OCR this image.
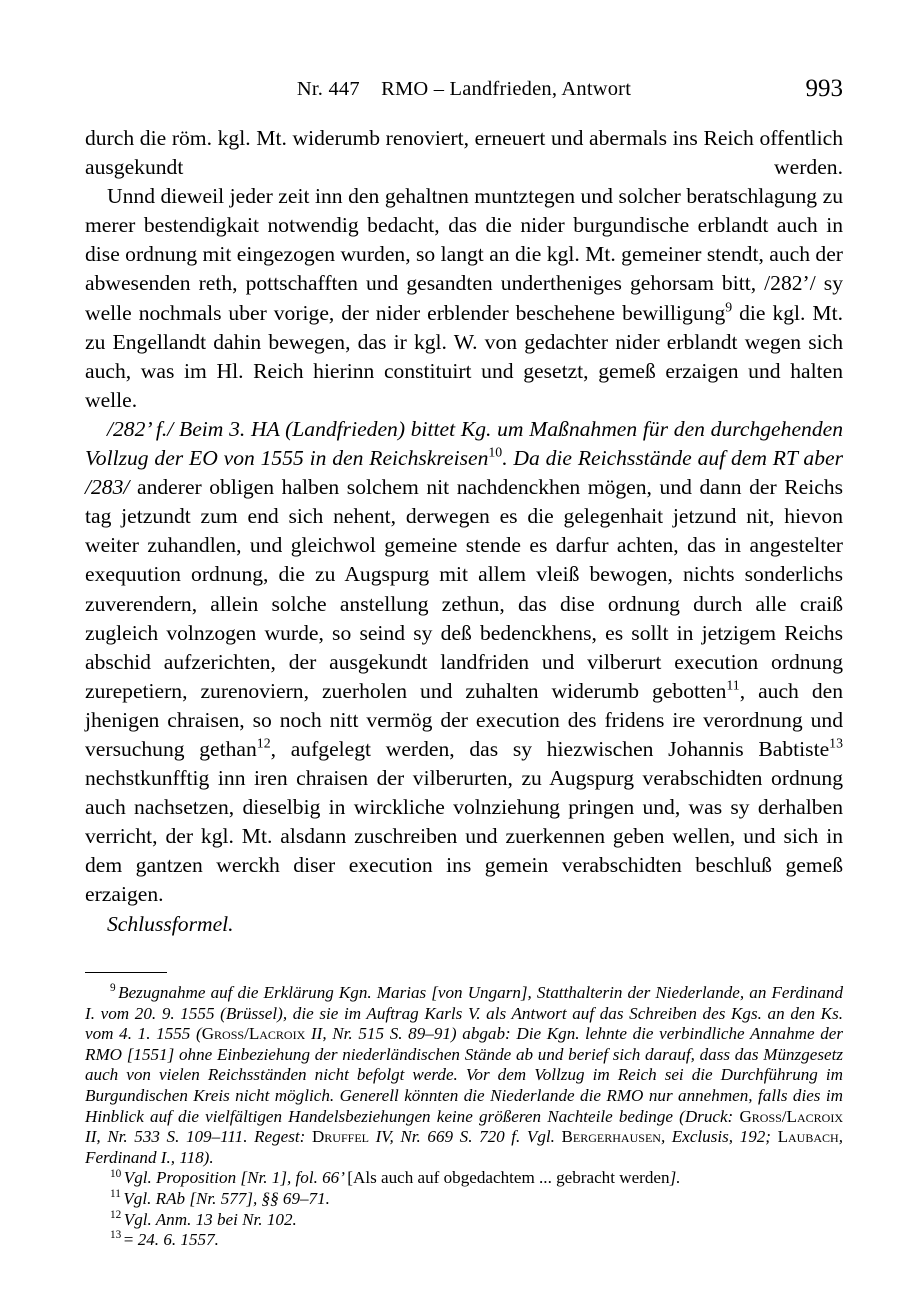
Nr. 447    RMO – Landfrieden, Antwort	993

durch die röm. kgl. Mt. widerumb renoviert, erneuert und abermals ins Reich offentlich ausgekundt werden.

Unnd dieweil jeder zeit inn den gehaltnen muntztegen und solcher beratschlagung zu merer bestendigkait notwendig bedacht, das die nider burgundische erblandt auch in dise ordnung mit eingezogen wurden, so langt an die kgl. Mt. gemeiner stendt, auch der abwesenden reth, pottschafften und gesandten undertheniges gehorsam bitt, /282’/ sy welle nochmals uber vorige, der nider erblender beschehene bewilligung$^9$ die kgl. Mt. zu Engellandt dahin bewegen, das ir kgl. W. von gedachter nider erblandt wegen sich auch, was im Hl. Reich hierinn constituirt und gesetzt, gemeß erzaigen und halten welle.

/282’ f./ Beim 3. HA (Landfrieden) bittet Kg. um Maßnahmen für den durchgehenden Vollzug der EO von 1555 in den Reichskreisen$^{10}$. Da die Reichsstände auf dem RT aber /283/ anderer obligen halben solchem nit nachdenckhen mögen, und dann der Reichs tag jetzundt zum end sich nehent, derwegen es die gelegenhait jetzund nit, hievon weiter zuhandlen, und gleichwol gemeine stende es darfur achten, das in angestelter exequution ordnung, die zu Augspurg mit allem vleiß bewogen, nichts sonderlichs zuverendern, allein solche anstellung zethun, das dise ordnung durch alle craiß zugleich volnzogen wurde, so seind sy deß bedenckhens, es sollt in jetzigem Reichs abschid aufzerichten, der ausgekundt landfriden und vilberurt execution ordnung zurepetiern, zurenoviern, zuerholen und zuhalten widerumb gebotten$^{11}$, auch den jhenigen chraisen, so noch nitt vermög der execution des fridens ire verordnung und versuchung gethan$^{12}$, aufgelegt werden, das sy hiezwischen Johannis Babtiste$^{13}$ nechstkunfftig inn iren chraisen der vilberurten, zu Augspurg verabschidten ordnung auch nachsetzen, dieselbig in wirckliche volnziehung pringen und, was sy derhalben verricht, der kgl. Mt. alsdann zuschreiben und zuerkennen geben wellen, und sich in dem gantzen werckh diser execution ins gemein verabschidten beschluß gemeß erzaigen.

Schlussformel.

$^9$ Bezugnahme auf die Erklärung Kgn. Marias [von Ungarn], Statthalterin der Niederlande, an Ferdinand I. vom 20. 9. 1555 (Brüssel), die sie im Auftrag Karls V. als Antwort auf das Schreiben des Kgs. an den Ks. vom 4. 1. 1555 (Gross/Lacroix II, Nr. 515 S. 89–91) abgab: Die Kgn. lehnte die verbindliche Annahme der RMO [1551] ohne Einbeziehung der niederländischen Stände ab und berief sich darauf, dass das Münzgesetz auch von vielen Reichsständen nicht befolgt werde. Vor dem Vollzug im Reich sei die Durchführung im Burgundischen Kreis nicht möglich. Generell könnten die Niederlande die RMO nur annehmen, falls dies im Hinblick auf die vielfältigen Handelsbeziehungen keine größeren Nachteile bedinge (Druck: Gross/Lacroix II, Nr. 533 S. 109–111. Regest: Druffel IV, Nr. 669 S. 720 f. Vgl. Bergerhausen, Exclusis, 192; Laubach, Ferdinand I., 118).

$^{10}$ Vgl. Proposition [Nr. 1], fol. 66’ [Als auch auf obgedachtem ... gebracht werden].

$^{11}$ Vgl. RAb [Nr. 577], §§ 69–71.

$^{12}$ Vgl. Anm. 13 bei Nr. 102.

$^{13}$ = 24. 6. 1557.
